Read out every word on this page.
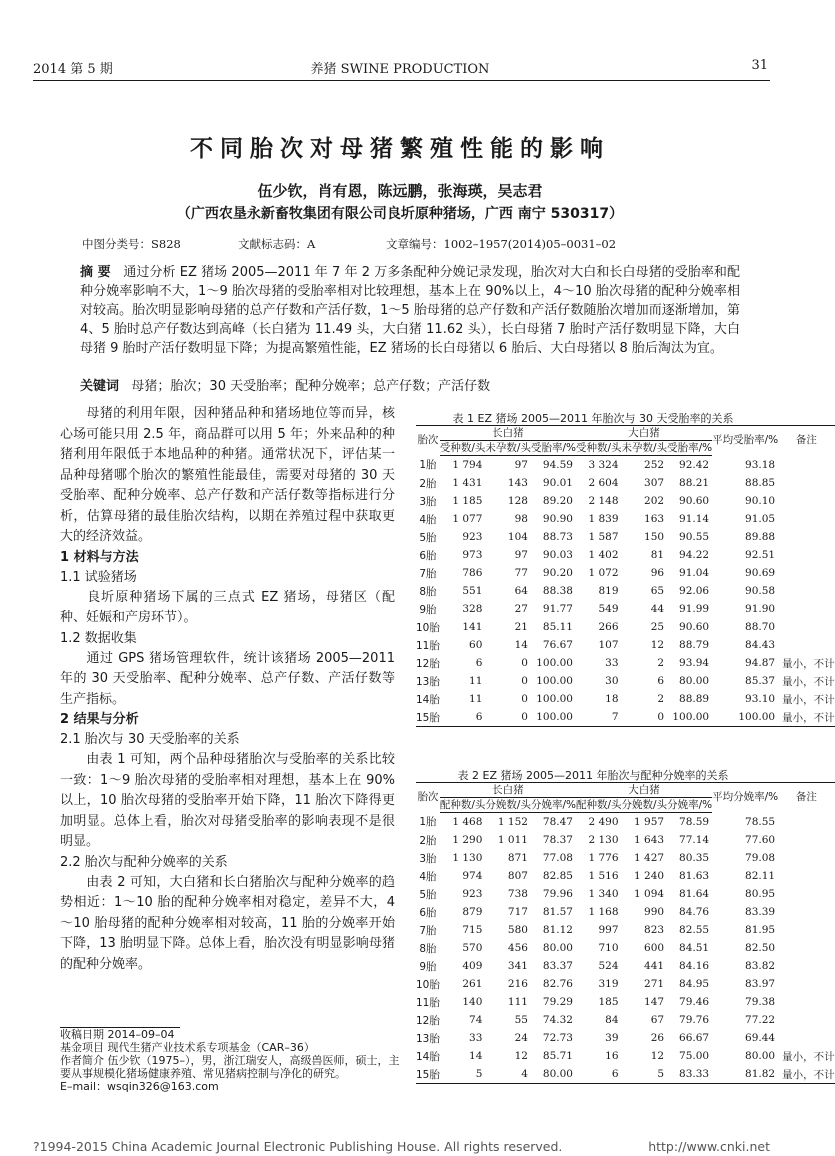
2014 第 5 期	养猪 SWINE PRODUCTION	31
不同胎次对母猪繁殖性能的影响
伍少钦，肖有恩，陈远鹏，张海瑛，吴志君
（广西农垦永新畜牧集团有限公司良圻原种猪场，广西 南宁 530317）
中图分类号：S828	文献标志码：A	文章编号：1002–1957(2014)05–0031–02
摘 要 通过分析 EZ 猪场 2005—2011 年 7 年 2 万多条配种分娩记录发现，胎次对大白和长白母猪的受胎率和配种分娩率影响不大，1～9 胎次母猪的受胎率相对比较理想，基本上在 90%以上，4～10 胎次母猪的配种分娩率相对较高。胎次明显影响母猪的总产仔数和产活仔数，1～5 胎母猪的总产仔数和产活仔数随胎次增加而逐渐增加，第 4、5 胎时总产仔数达到高峰（长白猪为 11.49 头，大白猪 11.62 头），长白母猪 7 胎时产活仔数明显下降，大白母猪 9 胎时产活仔数明显下降；为提高繁殖性能，EZ 猪场的长白母猪以 6 胎后、大白母猪以 8 胎后淘汰为宜。
关键词 母猪；胎次；30 天受胎率；配种分娩率；总产仔数；产活仔数
母猪的利用年限，因种猪品种和猪场地位等而异，核心场可能只用 2.5 年，商品群可以用 5 年；外来品种的种猪利用年限低于本地品种的种猪。通常状况下，评估某一品种母猪哪个胎次的繁殖性能最佳，需要对母猪的 30 天受胎率、配种分娩率、总产仔数和产活仔数等指标进行分析，估算母猪的最佳胎次结构，以期在养殖过程中获取更大的经济效益。
1 材料与方法
1.1 试验猪场
良圻原种猪场下属的三点式 EZ 猪场，母猪区（配种、妊娠和产房环节）。
1.2 数据收集
通过 GPS 猪场管理软件，统计该猪场 2005—2011 年的 30 天受胎率、配种分娩率、总产仔数、产活仔数等生产指标。
2 结果与分析
2.1 胎次与 30 天受胎率的关系
由表 1 可知，两个品种母猪胎次与受胎率的关系比较一致：1～9 胎次母猪的受胎率相对理想，基本上在 90%以上，10 胎次母猪的受胎率开始下降，11 胎次下降得更加明显。总体上看，胎次对母猪受胎率的影响表现不是很明显。
2.2 胎次与配种分娩率的关系
由表 2 可知，大白猪和长白猪胎次与配种分娩率的趋势相近：1～10 胎的配种分娩率相对稳定，差异不大，4～10 胎母猪的配种分娩率相对较高，11 胎的分娩率开始下降，13 胎明显下降。总体上看，胎次没有明显影响母猪的配种分娩率。
收稿日期 2014–09–04
基金项目 现代生猪产业技术系专项基金（CAR–36）
作者简介 伍少钦（1975–），男，浙江瑞安人，高级兽医师，硕士，主要从事规模化猪场健康养殖、常见猪病控制与净化的研究。
E–mail：wsqin326@163.com
表 1 EZ 猪场 2005—2011 年胎次与 30 天受胎率的关系
胎次	长白猪			大白猪			平均受胎率/%	备注
	受种数/头	未孕数/头	受胎率/%	受种数/头	未孕数/头	受胎率/%		
1胎	1 794	97	94.59	3 324	252	92.42	93.18	
2胎	1 431	143	90.01	2 604	307	88.21	88.85	
3胎	1 185	128	89.20	2 148	202	90.60	90.10	
4胎	1 077	98	90.90	1 839	163	91.14	91.05	
5胎	923	104	88.73	1 587	150	90.55	89.88	
6胎	973	97	90.03	1 402	81	94.22	92.51	
7胎	786	77	90.20	1 072	96	91.04	90.69	
8胎	551	64	88.38	819	65	92.06	90.58	
9胎	328	27	91.77	549	44	91.99	91.90	
10胎	141	21	85.11	266	25	90.60	88.70	
11胎	60	14	76.67	107	12	88.79	84.43	
12胎	6	0	100.00	33	2	93.94	94.87	量小，不计
13胎	11	0	100.00	30	6	80.00	85.37	量小，不计
14胎	11	0	100.00	18	2	88.89	93.10	量小，不计
15胎	6	0	100.00	7	0	100.00	100.00	量小，不计
表 2 EZ 猪场 2005—2011 年胎次与配种分娩率的关系
胎次	长白猪			大白猪			平均分娩率/%	备注
	配种数/头	分娩数/头	分娩率/%	配种数/头	分娩数/头	分娩率/%		
1胎	1 468	1 152	78.47	2 490	1 957	78.59	78.55	
2胎	1 290	1 011	78.37	2 130	1 643	77.14	77.60	
3胎	1 130	871	77.08	1 776	1 427	80.35	79.08	
4胎	974	807	82.85	1 516	1 240	81.63	82.11	
5胎	923	738	79.96	1 340	1 094	81.64	80.95	
6胎	879	717	81.57	1 168	990	84.76	83.39	
7胎	715	580	81.12	997	823	82.55	81.95	
8胎	570	456	80.00	710	600	84.51	82.50	
9胎	409	341	83.37	524	441	84.16	83.82	
10胎	261	216	82.76	319	271	84.95	83.97	
11胎	140	111	79.29	185	147	79.46	79.38	
12胎	74	55	74.32	84	67	79.76	77.22	
13胎	33	24	72.73	39	26	66.67	69.44	
14胎	14	12	85.71	16	12	75.00	80.00	量小，不计
15胎	5	4	80.00	6	5	83.33	81.82	量小，不计
?1994-2015 China Academic Journal Electronic Publishing House. All rights reserved.	http://www.cnki.net
